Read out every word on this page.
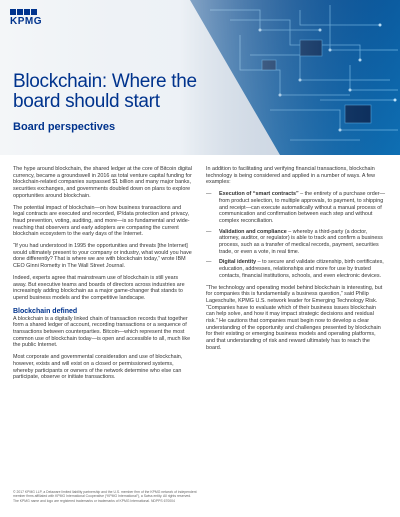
KPMG
Blockchain: Where the board should start
Board perspectives

The hype around blockchain, the shared ledger at the core of Bitcoin digital currency, became a groundswell in 2016 as total venture capital funding for blockchain-related companies surpassed $1 billion and many major banks, securities exchanges, and governments doubled down on plans to explore opportunities around blockchain.

The potential impact of blockchain—on how business transactions and legal contracts are executed and recorded, IP/data protection and privacy, fraud prevention, voting, auditing, and more—is so fundamental and wide-reaching that observers and early adopters are comparing the current blockchain ecosystem to the early days of the Internet.

“If you had understood in 1995 the opportunities and threats [the Internet] would ultimately present to your company or industry, what would you have done differently? That is where we are with blockchain today,” wrote IBM CEO Ginni Rometty in The Wall Street Journal.

Indeed, experts agree that mainstream use of blockchain is still years away. But executive teams and boards of directors across industries are increasingly adding blockchain as a major game-changer that stands to upend business models and the competitive landscape.

Blockchain defined

A blockchain is a digitally linked chain of transaction records that together form a shared ledger of account, recording transactions or a sequence of transactions between counterparties. Bitcoin—which represent the most common use of blockchain today—is open and accessible to all, much like the public Internet.

Most corporate and governmental consideration and use of blockchain, however, exists and will exist on a closed or permissioned systems, whereby participants or owners of the network determine who else can participate, observe or initiate transactions.

In addition to facilitating and verifying financial transactions, blockchain technology is being considered and applied in a number of ways. A few examples:

— Execution of “smart contracts” – the entirety of a purchase order—from product selection, to multiple approvals, to payment, to shipping and receipt—can execute automatically without a manual process of communication and confirmation between each step and without complex reconciliation.
— Validation and compliance – whereby a third-party (a doctor, attorney, auditor, or regulator) is able to track and confirm a business process, such as a transfer of medical records, payment, securities trade, or even a vote, in real time.
— Digital identity – to secure and validate citizenship, birth certificates, education, addresses, relationships and more for use by trusted contacts, financial institutions, schools, and even electronic devices.

“The technology and operating model behind blockchain is interesting, but for companies this is fundamentally a business question,” said Philip Lageschulte, KPMG U.S. network leader for Emerging Technology Risk. “Companies have to evaluate which of their business issues blockchain can help solve, and how it may impact strategic decisions and residual risk.” He cautions that companies must begin now to develop a clear understanding of the opportunity and challenges presented by blockchain for their existing or emerging business models and operating platforms, and that understanding of risk and reward ultimately has to reach the board.

© 2017 KPMG LLP, a Delaware limited liability partnership and the U.S. member firm of the KPMG network of independent

member firms affiliated with KPMG International Cooperative (“KPMG International”), a Swiss entity. All rights reserved.

The KPMG name and logo are registered trademarks or trademarks of KPMG International. NDPPS 670004
